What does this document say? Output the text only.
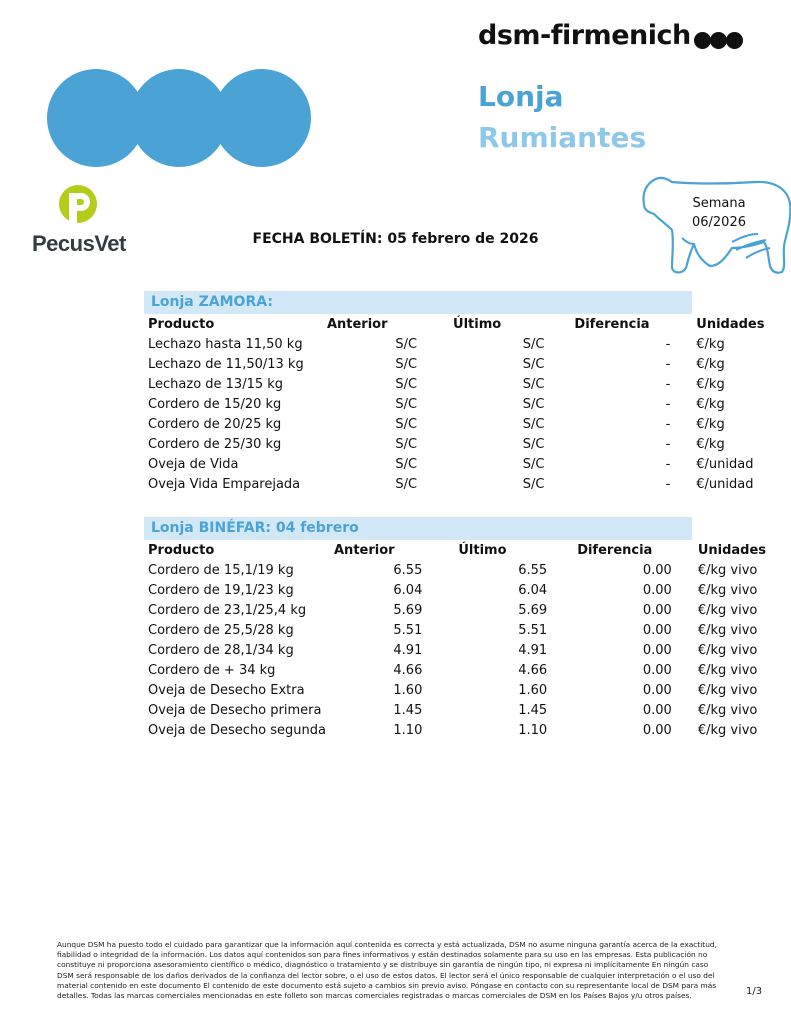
dsm-firmenich
Lonja
Rumiantes
PecusVet
Semana
06/2026
FECHA BOLETÍN: 05 febrero de 2026
Lonja ZAMORA:
Producto	Anterior	Último	Diferencia	Unidades
Lechazo hasta 11,50 kg	S/C	S/C	-	€/kg
Lechazo de 11,50/13 kg	S/C	S/C	-	€/kg
Lechazo de 13/15 kg	S/C	S/C	-	€/kg
Cordero de 15/20 kg	S/C	S/C	-	€/kg
Cordero de 20/25 kg	S/C	S/C	-	€/kg
Cordero de 25/30 kg	S/C	S/C	-	€/kg
Oveja de Vida	S/C	S/C	-	€/unidad
Oveja Vida Emparejada	S/C	S/C	-	€/unidad
Lonja BINÉFAR: 04 febrero
Producto	Anterior	Último	Diferencia	Unidades
Cordero de 15,1/19 kg	6.55	6.55	0.00	€/kg vivo
Cordero de 19,1/23 kg	6.04	6.04	0.00	€/kg vivo
Cordero de 23,1/25,4 kg	5.69	5.69	0.00	€/kg vivo
Cordero de 25,5/28 kg	5.51	5.51	0.00	€/kg vivo
Cordero de 28,1/34 kg	4.91	4.91	0.00	€/kg vivo
Cordero de + 34 kg	4.66	4.66	0.00	€/kg vivo
Oveja de Desecho Extra	1.60	1.60	0.00	€/kg vivo
Oveja de Desecho primera	1.45	1.45	0.00	€/kg vivo
Oveja de Desecho segunda	1.10	1.10	0.00	€/kg vivo
Aunque DSM ha puesto todo el cuidado para garantizar que la información aquí contenida es correcta y está actualizada, DSM no asume ninguna garantía acerca de la exactitud, fiabilidad o integridad de la información. Los datos aquí contenidos son para fines informativos y están destinados solamente para su uso en las empresas. Esta publicación no constituye ni proporciona asesoramiento científico o médico, diagnóstico o tratamiento y se distribuye sin garantía de ningún tipo, ni expresa ni implícitamente En ningún caso DSM será responsable de los daños derivados de la confianza del lector sobre, o el uso de estos datos. El lector será el único responsable de cualquier interpretación o el uso del material contenido en este documento El contenido de este documento está sujeto a cambios sin previo aviso. Póngase en contacto con su representante local de DSM para más detalles. Todas las marcas comerciales mencionadas en este folleto son marcas comerciales registradas o marcas comerciales de DSM en los Países Bajos y/u otros países.	1/3
